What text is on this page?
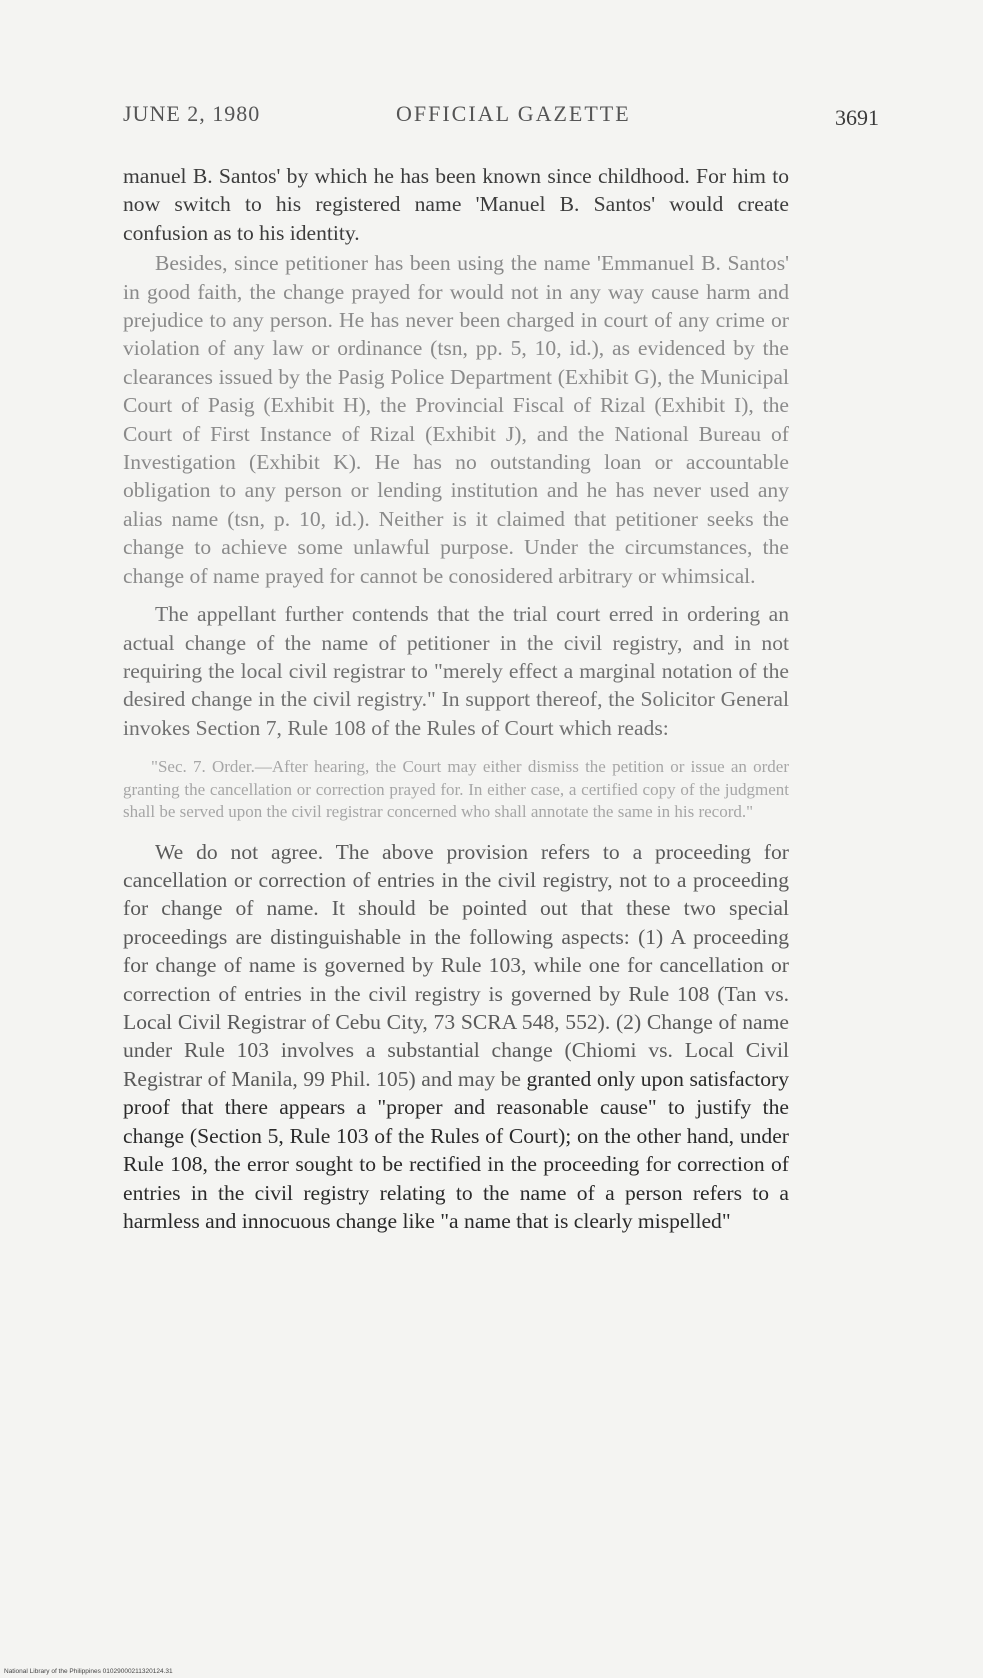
JUNE 2, 1980	OFFICIAL GAZETTE	3691

manuel B. Santos' by which he has been known since childhood. For him to now switch to his registered name 'Manuel B. Santos' would create confusion as to his identity.

Besides, since petitioner has been using the name 'Emmanuel B. Santos' in good faith, the change prayed for would not in any way cause harm and prejudice to any person. He has never been charged in court of any crime or violation of any law or ordinance (tsn, pp. 5, 10, id.), as evidenced by the clearances issued by the Pasig Police Department (Exhibit G), the Municipal Court of Pasig (Exhibit H), the Provincial Fiscal of Rizal (Exhibit I), the Court of First Instance of Rizal (Exhibit J), and the National Bureau of Investigation (Exhibit K). He has no outstanding loan or accountable obligation to any person or lending institution and he has never used any alias name (tsn, p. 10, id.). Neither is it claimed that petitioner seeks the change to achieve some unlawful purpose. Under the circumstances, the change of name prayed for cannot be conosidered arbitrary or whimsical.

The appellant further contends that the trial court erred in ordering an actual change of the name of petitioner in the civil registry, and in not requiring the local civil registrar to "merely effect a marginal notation of the desired change in the civil registry." In support thereof, the Solicitor General invokes Section 7, Rule 108 of the Rules of Court which reads:

"Sec. 7. Order.—After hearing, the Court may either dismiss the petition or issue an order granting the cancellation or correction prayed for. In either case, a certified copy of the judgment shall be served upon the civil registrar concerned who shall annotate the same in his record."

We do not agree. The above provision refers to a proceeding for cancellation or correction of entries in the civil registry, not to a proceeding for change of name. It should be pointed out that these two special proceedings are distinguishable in the following aspects: (1) A proceeding for change of name is governed by Rule 103, while one for cancellation or correction of entries in the civil registry is governed by Rule 108 (Tan vs. Local Civil Registrar of Cebu City, 73 SCRA 548, 552). (2) Change of name under Rule 103 involves a substantial change (Chiomi vs. Local Civil Registrar of Manila, 99 Phil. 105) and may be granted only upon satisfactory proof that there appears a "proper and reasonable cause" to justify the change (Section 5, Rule 103 of the Rules of Court); on the other hand, under Rule 108, the error sought to be rectified in the proceeding for correction of entries in the civil registry relating to the name of a person refers to a harmless and innocuous change like "a name that is clearly mispelled"

National Library of the Philippines 01029000211320124.31
